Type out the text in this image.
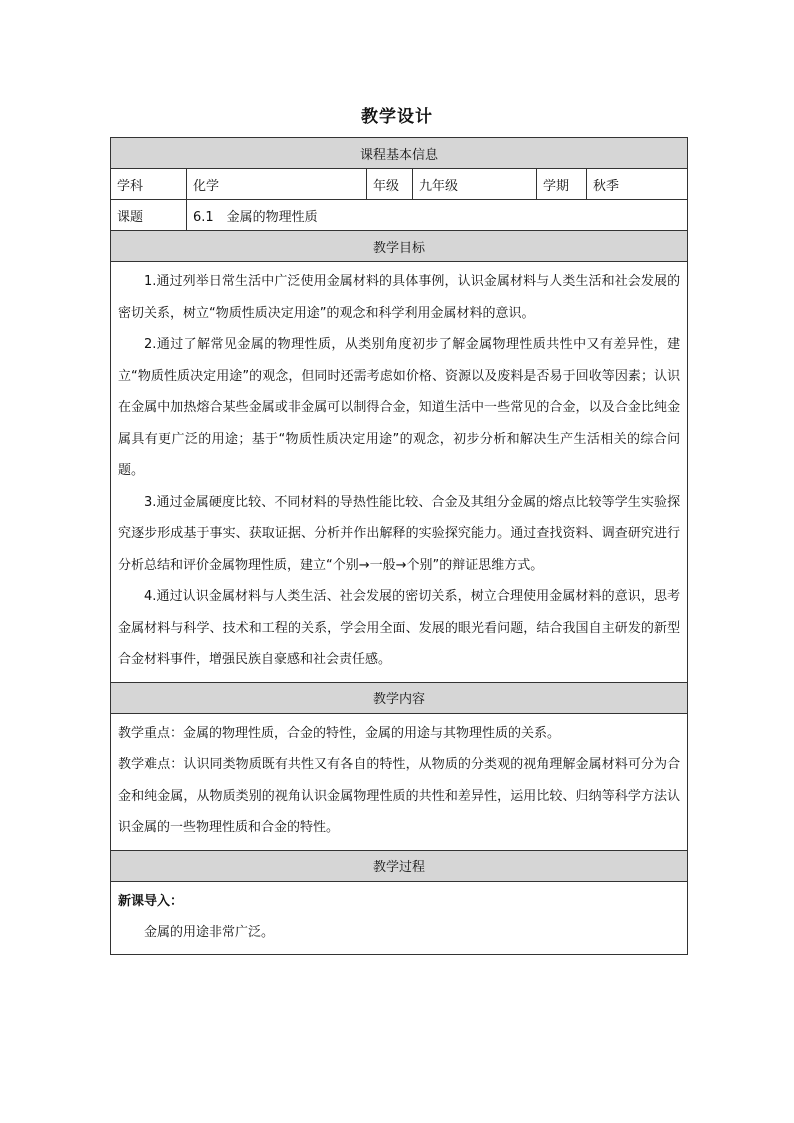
教学设计
课程基本信息					
学科	化学	年级	九年级	学期	秋季
课题	6.1　金属的物理性质				
教学目标					

1.通过列举日常生活中广泛使用金属材料的具体事例，认识金属材料与人类生活和社会发展的密切关系，树立“物质性质决定用途”的观念和科学利用金属材料的意识。

2.通过了解常见金属的物理性质，从类别角度初步了解金属物理性质共性中又有差异性，建立“物质性质决定用途”的观念，但同时还需考虑如价格、资源以及废料是否易于回收等因素；认识在金属中加热熔合某些金属或非金属可以制得合金，知道生活中一些常见的合金，以及合金比纯金属具有更广泛的用途；基于“物质性质决定用途”的观念，初步分析和解决生产生活相关的综合问题。

3.通过金属硬度比较、不同材料的导热性能比较、合金及其组分金属的熔点比较等学生实验探究逐步形成基于事实、获取证据、分析并作出解释的实验探究能力。通过查找资料、调查研究进行分析总结和评价金属物理性质，建立“个别→一般→个别”的辩证思维方式。

4.通过认识金属材料与人类生活、社会发展的密切关系，树立合理使用金属材料的意识，思考金属材料与科学、技术和工程的关系，学会用全面、发展的眼光看问题，结合我国自主研发的新型合金材料事件，增强民族自豪感和社会责任感。					

教学内容					

教学重点：金属的物理性质，合金的特性，金属的用途与其物理性质的关系。

教学难点：认识同类物质既有共性又有各自的特性，从物质的分类观的视角理解金属材料可分为合金和纯金属，从物质类别的视角认识金属物理性质的共性和差异性，运用比较、归纳等科学方法认识金属的一些物理性质和合金的特性。					

教学过程					

新课导入：

金属的用途非常广泛。					
